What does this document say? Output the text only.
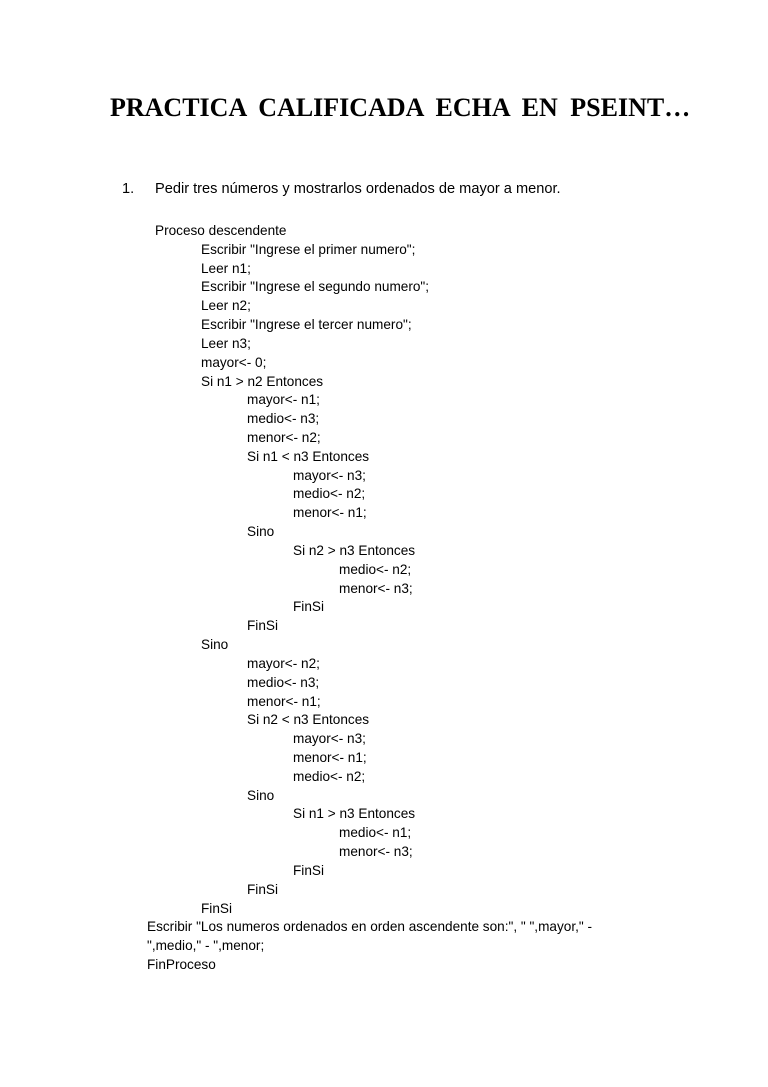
PRACTICA CALIFICADA ECHA EN PSEINT…
1. Pedir tres números y mostrarlos ordenados de mayor a menor.
Proceso descendente
Escribir "Ingrese el primer numero";
Leer n1;
Escribir "Ingrese el segundo numero";
Leer n2;
Escribir "Ingrese el tercer numero";
Leer n3;
mayor<- 0;
Si n1 > n2 Entonces
mayor<- n1;
medio<- n3;
menor<- n2;
Si n1 < n3 Entonces
mayor<- n3;
medio<- n2;
menor<- n1;
Sino
Si n2 > n3 Entonces
medio<- n2;
menor<- n3;
FinSi
FinSi
Sino
mayor<- n2;
medio<- n3;
menor<- n1;
Si n2 < n3 Entonces
mayor<- n3;
menor<- n1;
medio<- n2;
Sino
Si n1 > n3 Entonces
medio<- n1;
menor<- n3;
FinSi
FinSi
FinSi
Escribir "Los numeros ordenados en orden ascendente son:", " ",mayor," -
",medio," - ",menor;
FinProceso
